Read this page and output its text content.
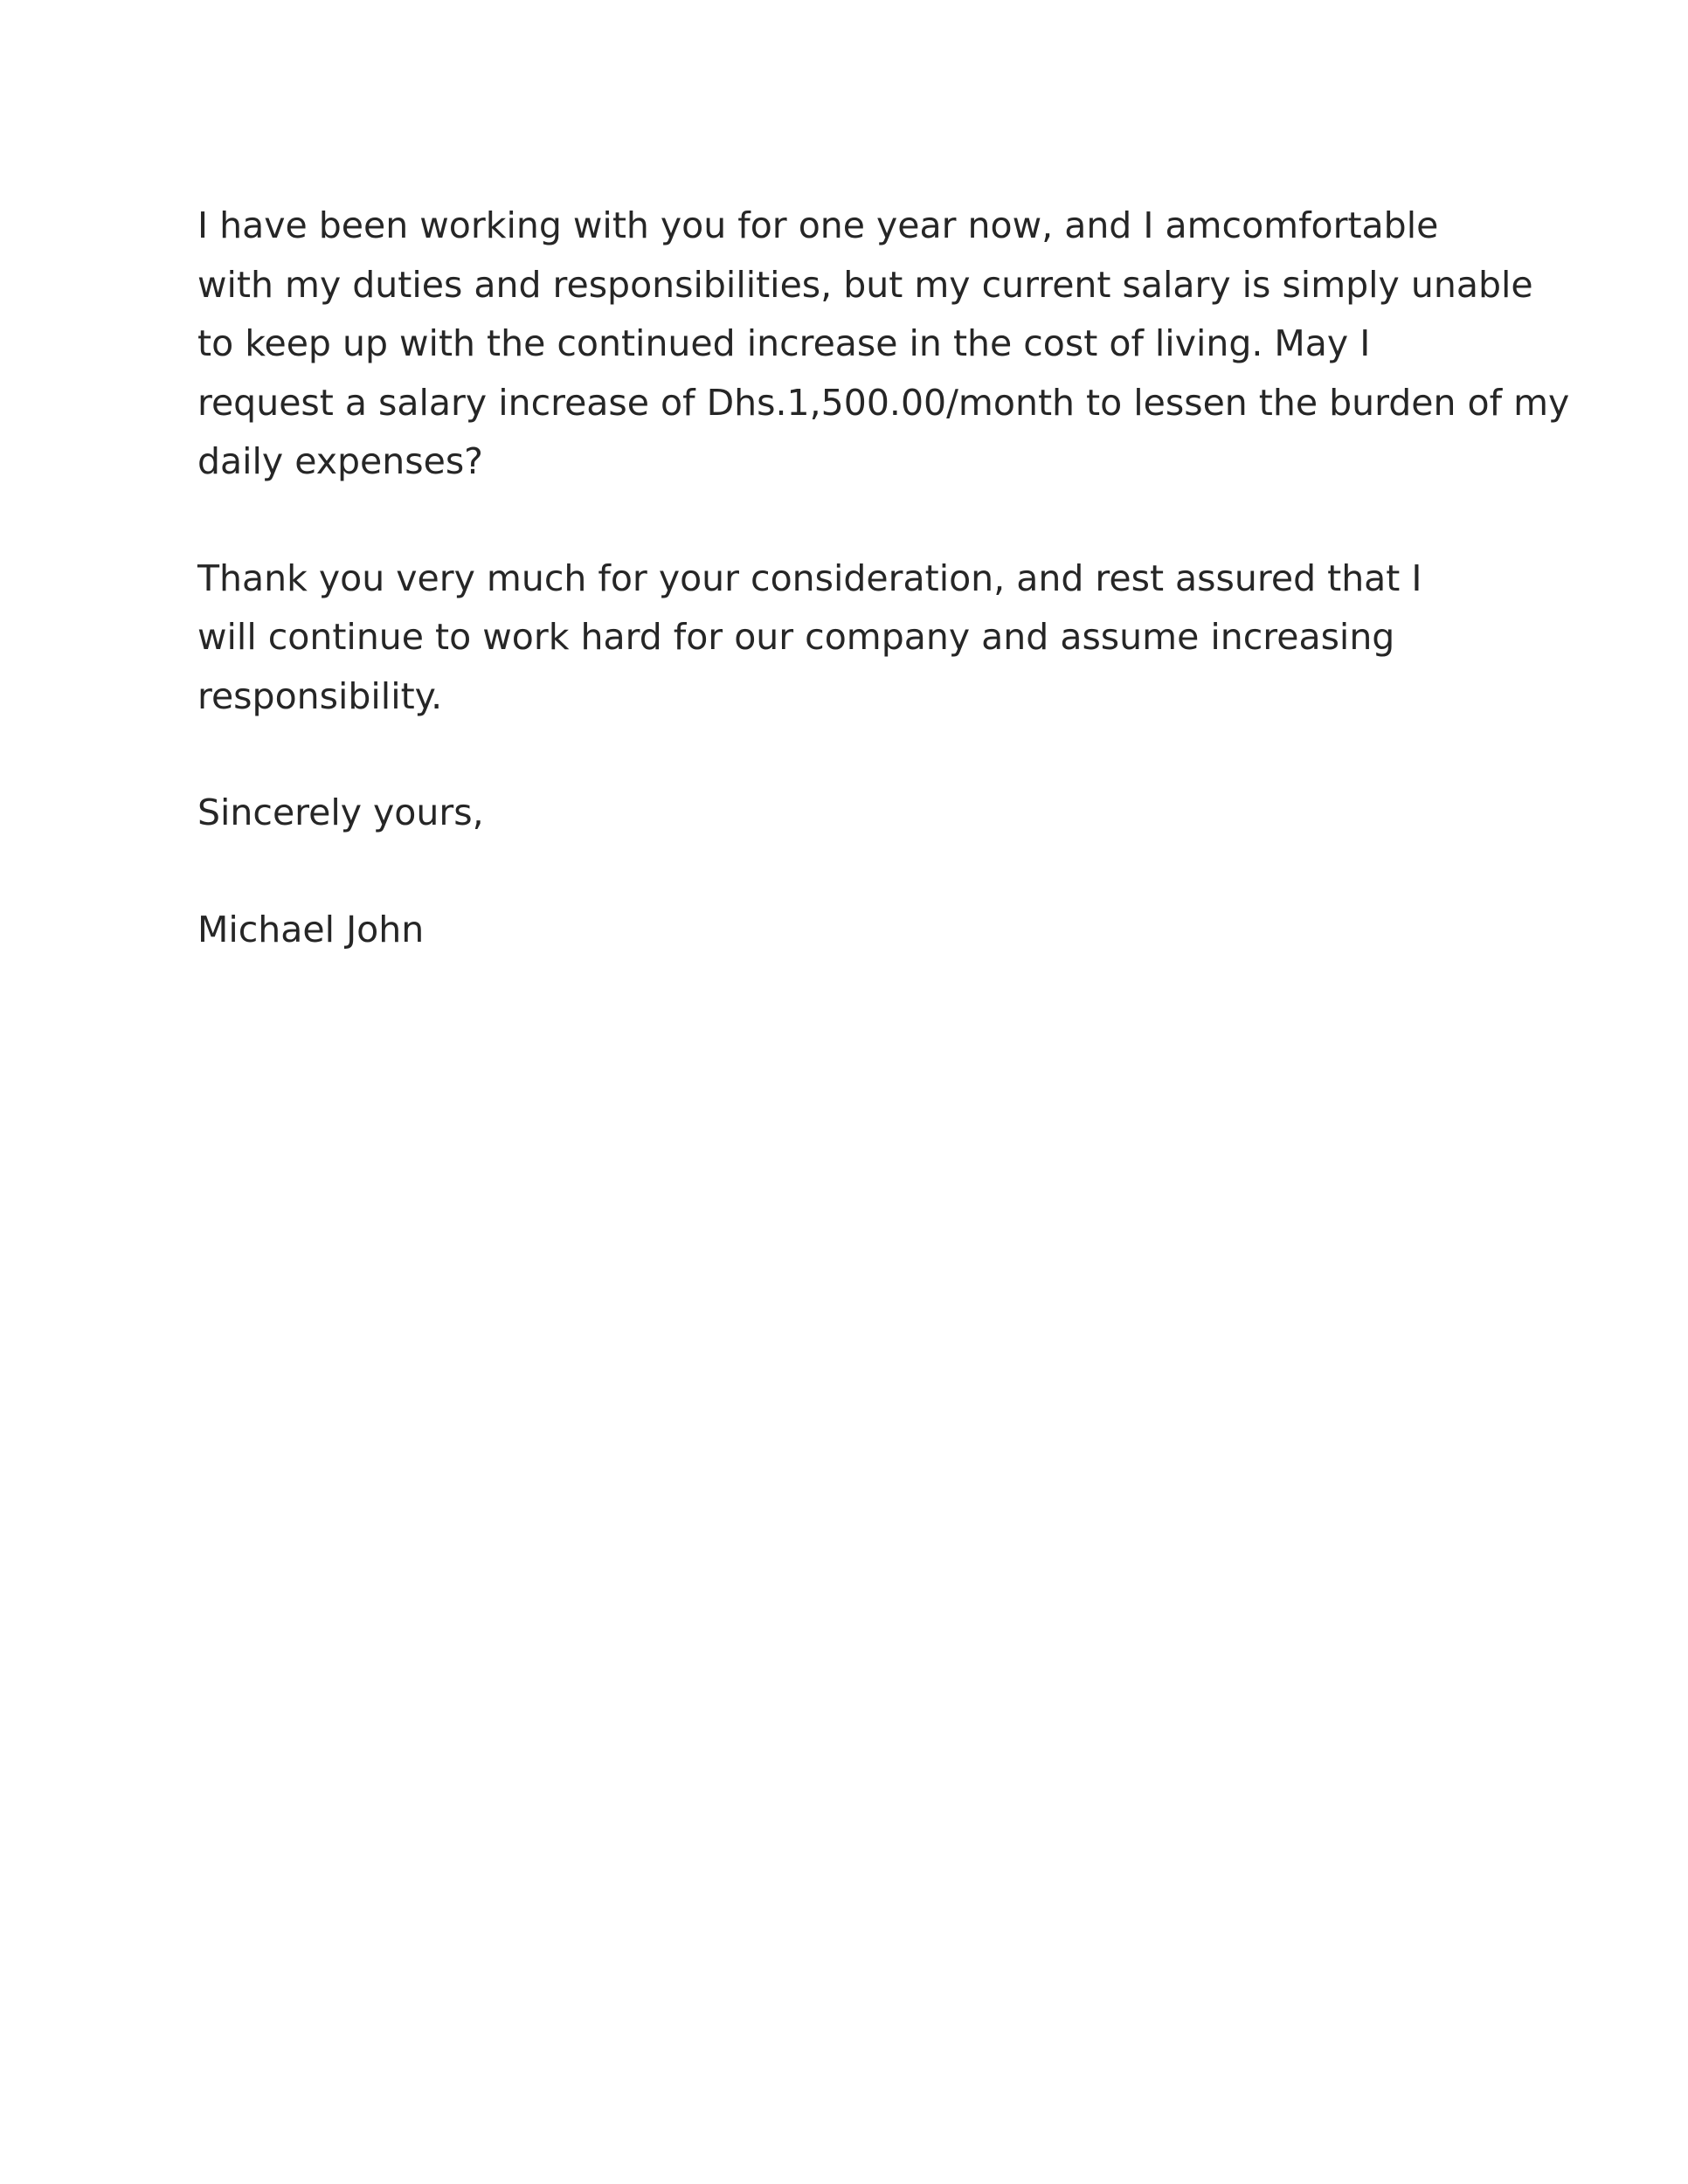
I have been working with you for one year now, and I amcomfortable
with my duties and responsibilities, but my current salary is simply unable
to keep up with the continued increase in the cost of living. May I
request a salary increase of Dhs.1,500.00/month to lessen the burden of my
daily expenses?
Thank you very much for your consideration, and rest assured that I
will continue to work hard for our company and assume increasing
responsibility.
Sincerely yours,
Michael John
